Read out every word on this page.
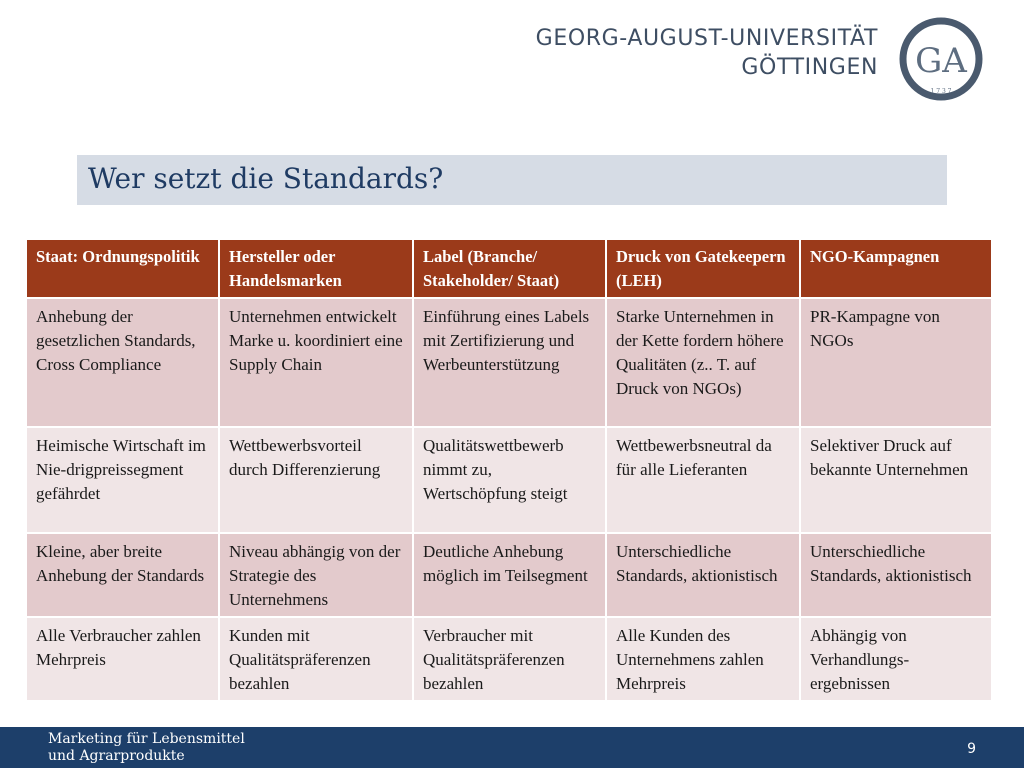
GEORG-AUGUST-UNIVERSITÄT
GÖTTINGEN GA
1 7 3 7
Wer setzt die Standards?
Staat: Ordnungspolitik	Hersteller oder Handelsmarken	Label (Branche/ Stakeholder/ Staat)	Druck von Gatekeepern (LEH)	NGO-Kampagnen
Anhebung der gesetzlichen Standards, Cross Compliance	Unternehmen entwickelt Marke u. koordiniert eine Supply Chain	Einführung eines Labels mit Zertifizierung und Werbeunterstützung	Starke Unternehmen in der Kette fordern höhere Qualitäten (z.. T. auf Druck von NGOs)	PR-Kampagne von NGOs
Heimische Wirtschaft im Nie-drigpreissegment gefährdet	Wettbewerbsvorteil durch Differenzierung	Qualitätswettbewerb nimmt zu, Wertschöpfung steigt	Wettbewerbsneutral da für alle Lieferanten	Selektiver Druck auf bekannte Unternehmen
Kleine, aber breite Anhebung der Standards	Niveau abhängig von der Strategie des Unternehmens	Deutliche Anhebung möglich im Teilsegment	Unterschiedliche Standards, aktionistisch	Unterschiedliche Standards, aktionistisch
Alle Verbraucher zahlen Mehrpreis	Kunden mit Qualitätspräferenzen bezahlen	Verbraucher mit Qualitätspräferenzen bezahlen	Alle Kunden des Unternehmens zahlen Mehrpreis	Abhängig von Verhandlungs-ergebnissen
Marketing für Lebensmittel
und Agrarprodukte	9
